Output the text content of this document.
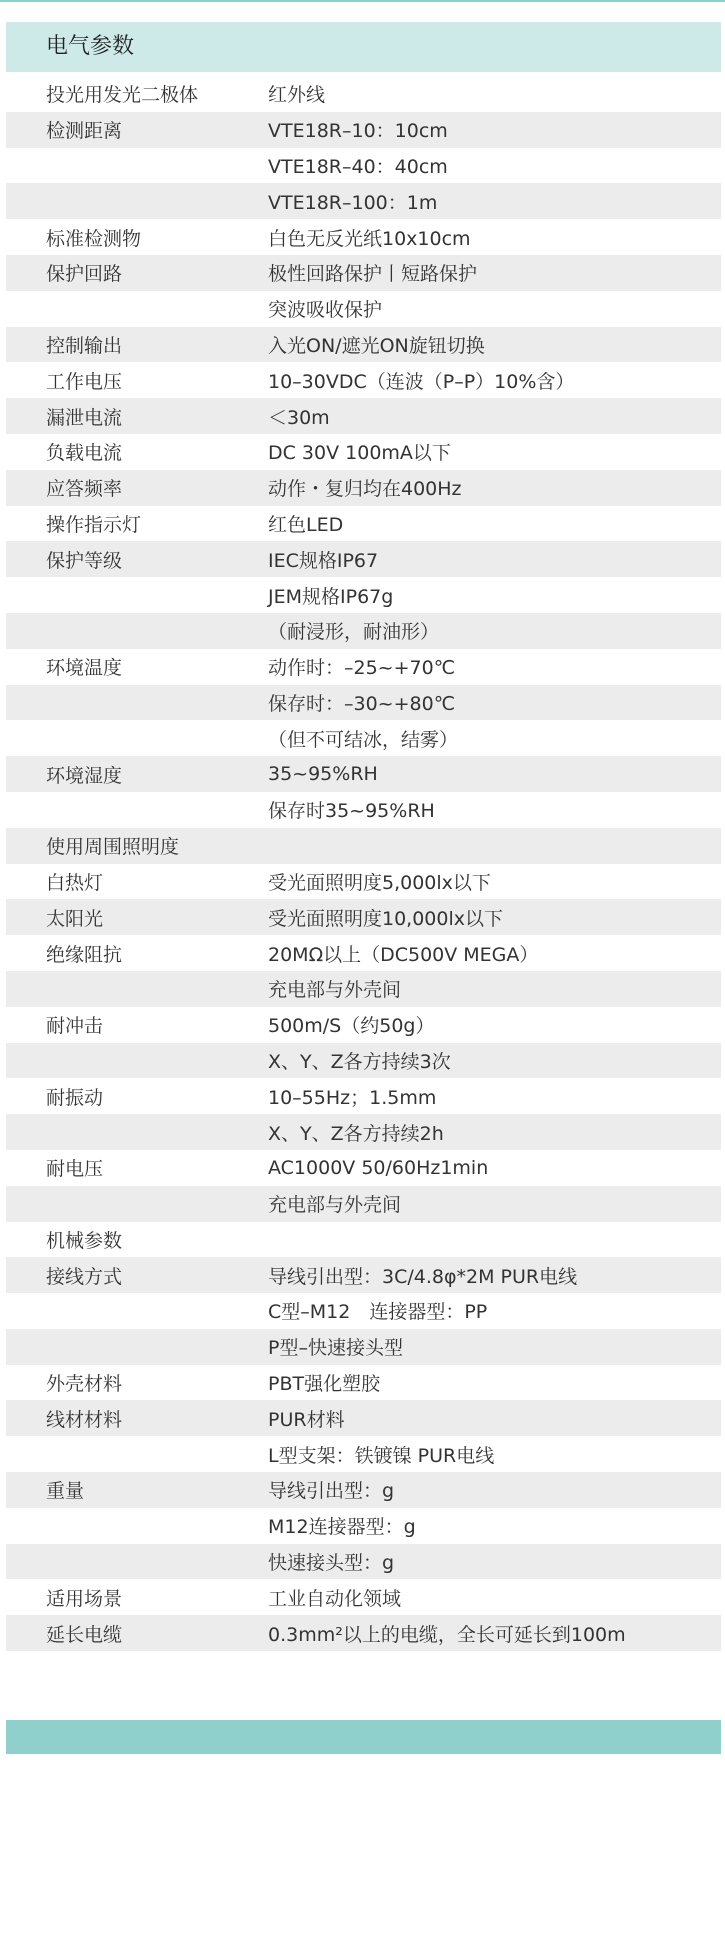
电气参数
投光用发光二极体	红外线
检测距离	VTE18R–10：10cm
VTE18R–40：40cm
VTE18R–100：1m
标准检测物	白色无反光纸10x10cm
保护回路	极性回路保护丨短路保护
突波吸收保护
控制输出	入光ON/遮光ON旋钮切换
工作电压	10–30VDC（连波（P–P）10%含）
漏泄电流	＜30m
负载电流	DC 30V 100mA以下
应答频率	动作・复归均在400Hz
操作指示灯	红色LED
保护等级	IEC规格IP67
JEM规格IP67g
（耐浸形，耐油形）
环境温度	动作时：–25~+70℃
保存时：–30~+80℃
（但不可结冰，结雾）
环境湿度	35~95%RH
保存时35~95%RH
使用周围照明度
白热灯	受光面照明度5,000lx以下
太阳光	受光面照明度10,000lx以下
绝缘阻抗	20MΩ以上（DC500V MEGA）
充电部与外壳间
耐冲击	500m/S（约50g）
X、Y、Z各方持续3次
耐振动	10–55Hz；1.5mm
X、Y、Z各方持续2h
耐电压	AC1000V 50/60Hz1min
充电部与外壳间
机械参数
接线方式	导线引出型：3C/4.8φ*2M PUR电线
C型–M12　连接器型：PP
P型–快速接头型
外壳材料	PBT强化塑胶
线材材料	PUR材料
L型支架：铁镀镍 PUR电线
重量	导线引出型：g
M12连接器型：g
快速接头型：g
适用场景	工业自动化领域
延长电缆	0.3mm²以上的电缆，全长可延长到100m
